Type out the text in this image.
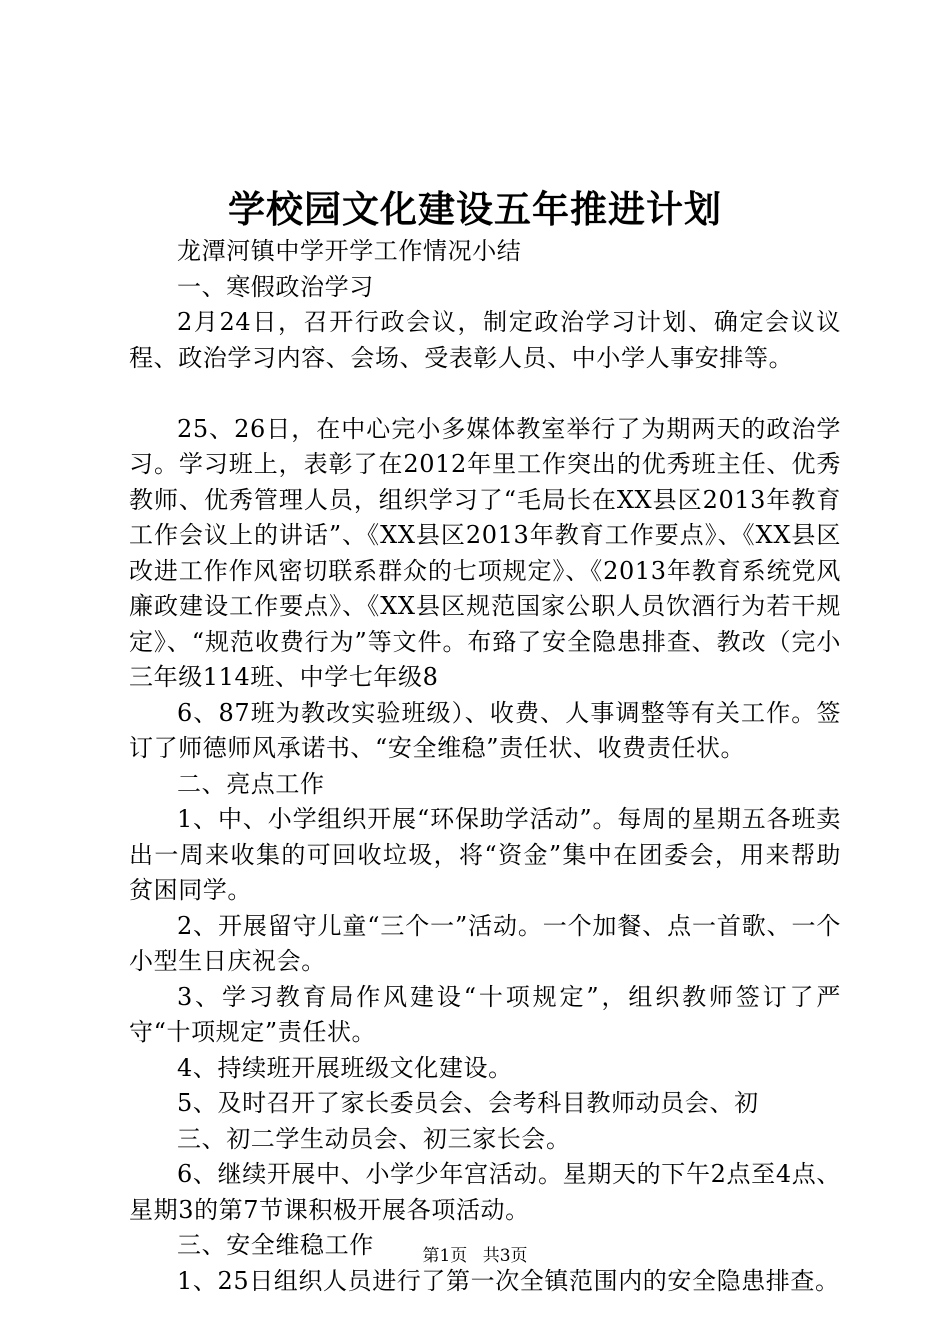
学校园文化建设五年推进计划

龙潭河镇中学开学工作情况小结

一、寒假政治学习

2月24日，召开行政会议，制定政治学习计划、确定会议议程、政治学习内容、会场、受表彰人员、中小学人事安排等。

25、26日，在中心完小多媒体教室举行了为期两天的政治学习。学习班上，表彰了在2012年里工作突出的优秀班主任、优秀教师、优秀管理人员，组织学习了“毛局长在XX县区2013年教育工作会议上的讲话”、《XX县区2013年教育工作要点》、《XX县区改进工作作风密切联系群众的七项规定》、《2013年教育系统党风廉政建设工作要点》、《XX县区规范国家公职人员饮酒行为若干规定》、“规范收费行为”等文件。布臵了安全隐患排查、教改（完小三年级114班、中学七年级8

6、87班为教改实验班级）、收费、人事调整等有关工作。签订了师德师风承诺书、“安全维稳”责任状、收费责任状。

二、亮点工作

1、中、小学组织开展“环保助学活动”。每周的星期五各班卖出一周来收集的可回收垃圾，将“资金”集中在团委会，用来帮助贫困同学。

2、开展留守儿童“三个一”活动。一个加餐、点一首歌、一个小型生日庆祝会。

3、学习教育局作风建设“十项规定”，组织教师签订了严守“十项规定”责任状。

4、持续班开展班级文化建设。

5、及时召开了家长委员会、会考科目教师动员会、初

三、初二学生动员会、初三家长会。

6、继续开展中、小学少年宫活动。星期天的下午2点至4点、星期3的第7节课积极开展各项活动。

三、安全维稳工作

1、25日组织人员进行了第一次全镇范围内的安全隐患排查。

第1页 共3页
